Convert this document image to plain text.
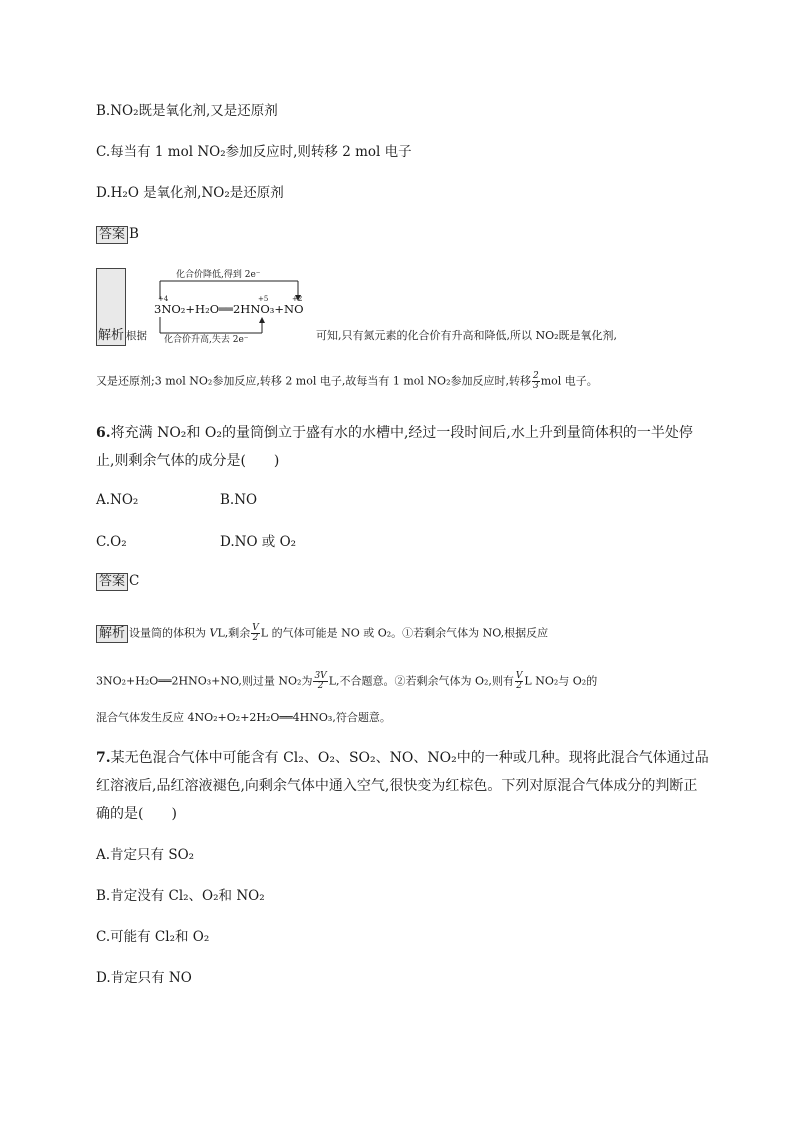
B.NO₂既是氧化剂,又是还原剂
C.每当有 1 mol NO₂参加反应时,则转移 2 mol 电子
D.H₂O 是氧化剂,NO₂是还原剂
答案 B
解析 根据
化合价降低,得到 2e⁻
+4	+5	+2
3NO₂+H₂O══2HNO₃+NO
化合价升高,失去 2e⁻	可知,只有氮元素的化合价有升高和降低,所以 NO₂既是氧化剂,
又是还原剂;3 mol NO₂参加反应,转移 2 mol 电子,故每当有 1 mol NO₂参加反应时,转移 $\frac{2}{3}$ mol 电子。
6.将充满 NO₂和 O₂的量筒倒立于盛有水的水槽中,经过一段时间后,水上升到量筒体积的一半处停
止,则剩余气体的成分是(　　)
A.NO₂	B.NO
C.O₂	D.NO 或 O₂
答案 C
解析 设量筒的体积为 VL,剩余 $\frac{V}{2}$ L 的气体可能是 NO 或 O₂。①若剩余气体为 NO,根据反应
3NO₂+H₂O══2HNO₃+NO,则过量 NO₂为 $\frac{3V}{2} L$,不合题意。②若剩余气体为 O₂,则有 $\frac{V}{2}$ L NO₂与 O₂的
混合气体发生反应 4NO₂+O₂+2H₂O══4HNO₃,符合题意。
7.某无色混合气体中可能含有 Cl₂、O₂、SO₂、NO、NO₂中的一种或几种。现将此混合气体通过品
红溶液后,品红溶液褪色,向剩余气体中通入空气,很快变为红棕色。下列对原混合气体成分的判断正
确的是(　　)
A.肯定只有 SO₂
B.肯定没有 Cl₂、O₂和 NO₂
C.可能有 Cl₂和 O₂
D.肯定只有 NO
